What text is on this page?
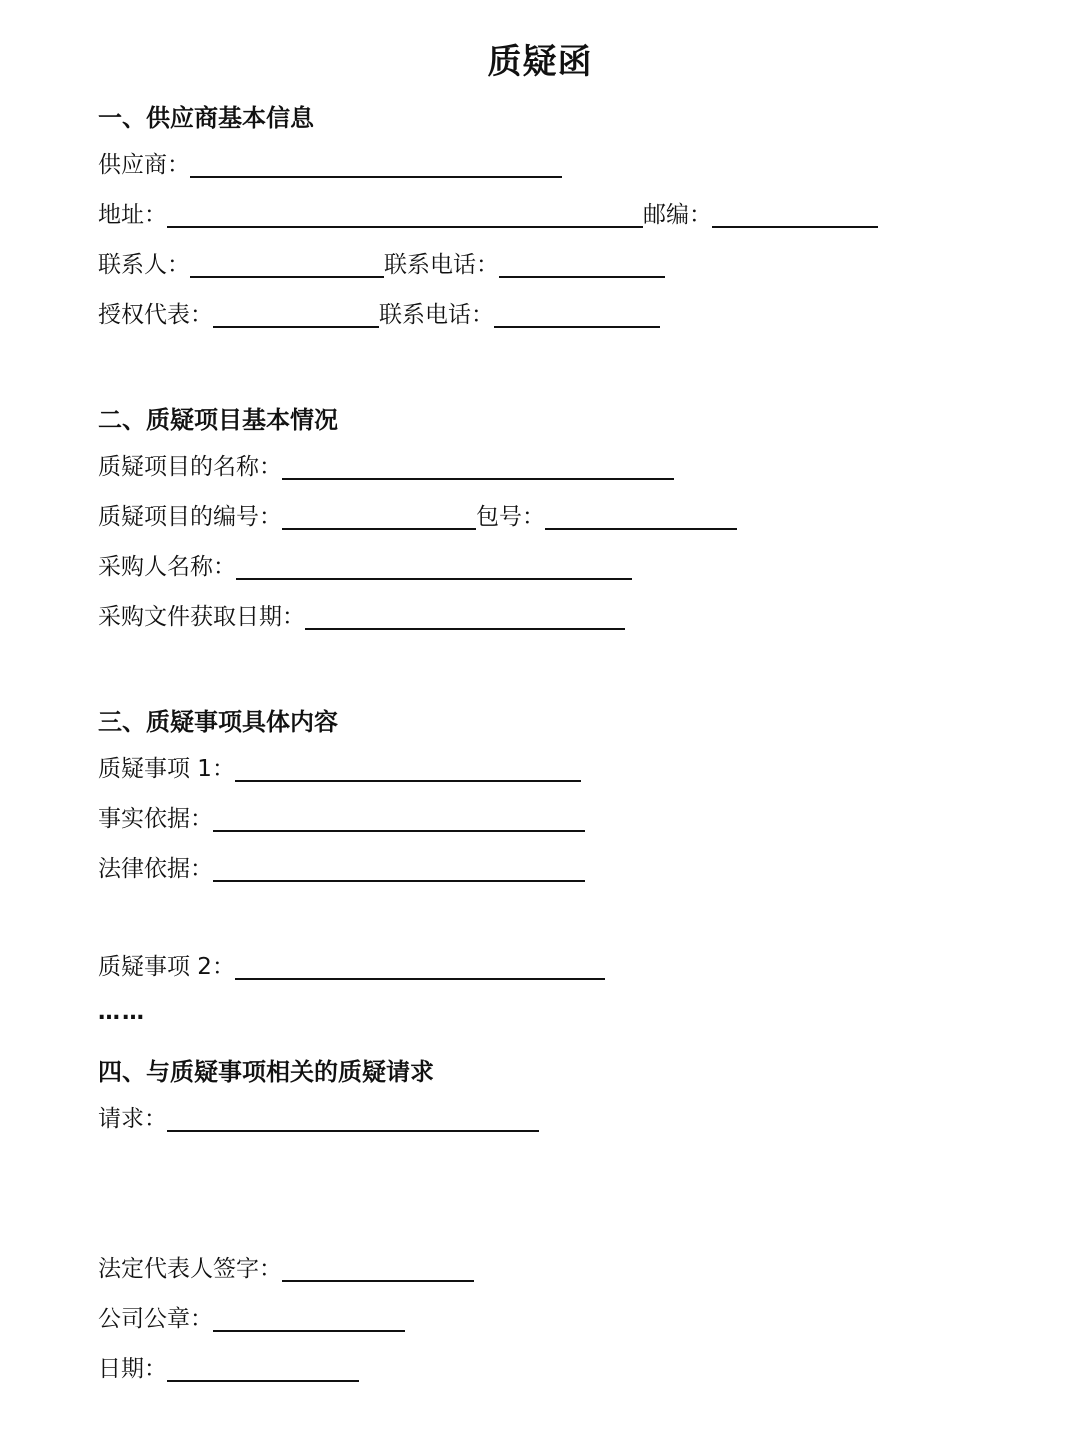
质疑函
一、供应商基本信息
供应商：
地址：	邮编：
联系人：	联系电话：
授权代表：	联系电话：
二、质疑项目基本情况
质疑项目的名称：
质疑项目的编号：	包号：
采购人名称：
采购文件获取日期：
三、质疑事项具体内容
质疑事项 1：
事实依据：
法律依据：
质疑事项 2：
……
四、与质疑事项相关的质疑请求
请求：
法定代表人签字：
公司公章：
日期：
